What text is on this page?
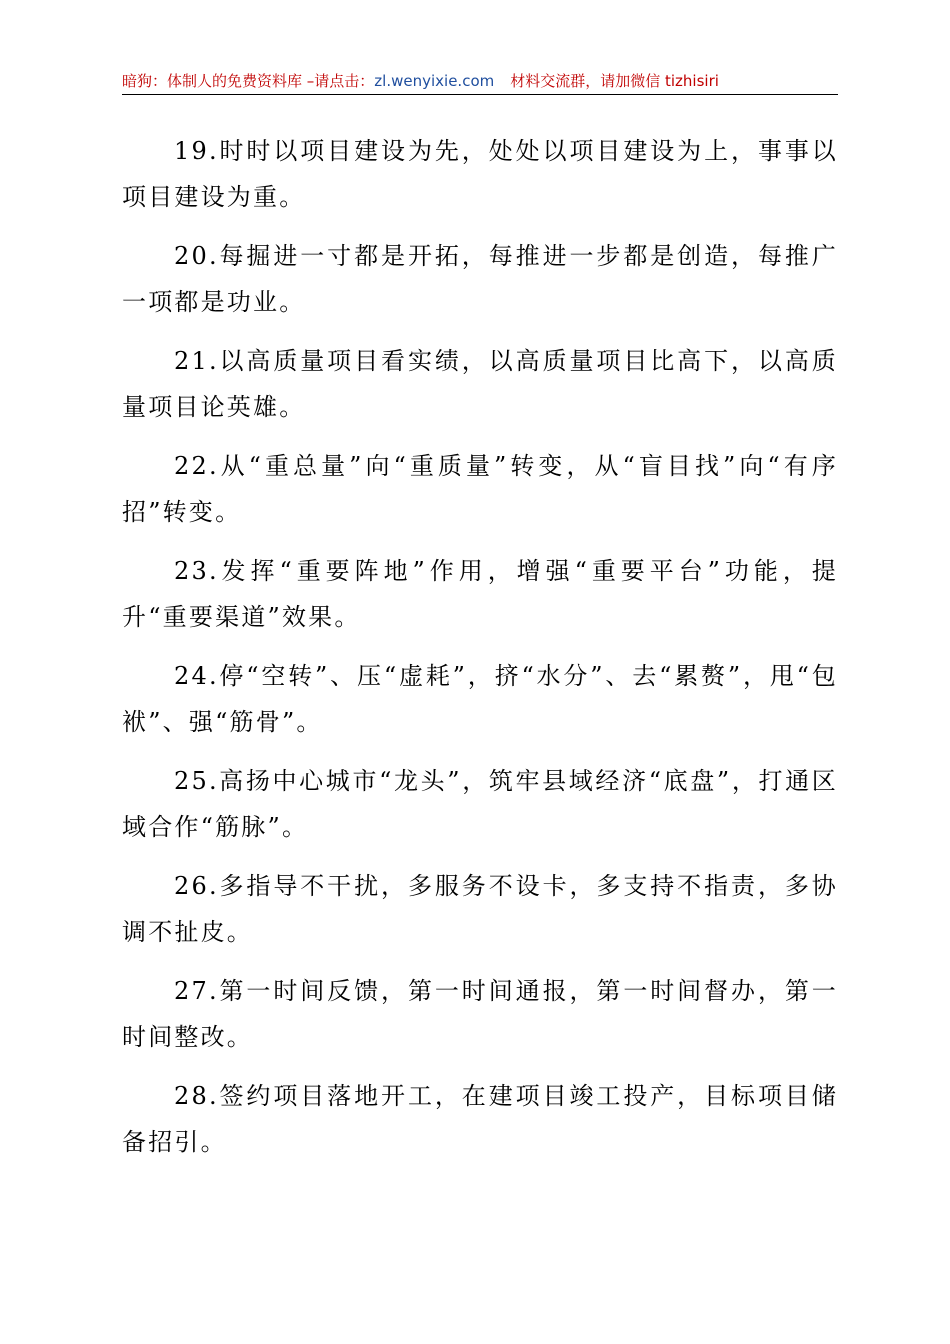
暗狗：体制人的免费资料库 –请点击：zl.wenyixie.com 材料交流群，请加微信 tizhisiri

19.时时以项目建设为先，处处以项目建设为上，事事以项目建设为重。

20.每掘进一寸都是开拓，每推进一步都是创造，每推广一项都是功业。

21.以高质量项目看实绩，以高质量项目比高下，以高质量项目论英雄。

22.从“重总量”向“重质量”转变，从“盲目找”向“有序招”转变。

23.发挥“重要阵地”作用，增强“重要平台”功能，提升“重要渠道”效果。

24.停“空转”、压“虚耗”，挤“水分”、去“累赘”，甩“包袱”、强“筋骨”。

25.高扬中心城市“龙头”，筑牢县域经济“底盘”，打通区域合作“筋脉”。

26.多指导不干扰，多服务不设卡，多支持不指责，多协调不扯皮。

27.第一时间反馈，第一时间通报，第一时间督办，第一时间整改。

28.签约项目落地开工，在建项目竣工投产，目标项目储备招引。
